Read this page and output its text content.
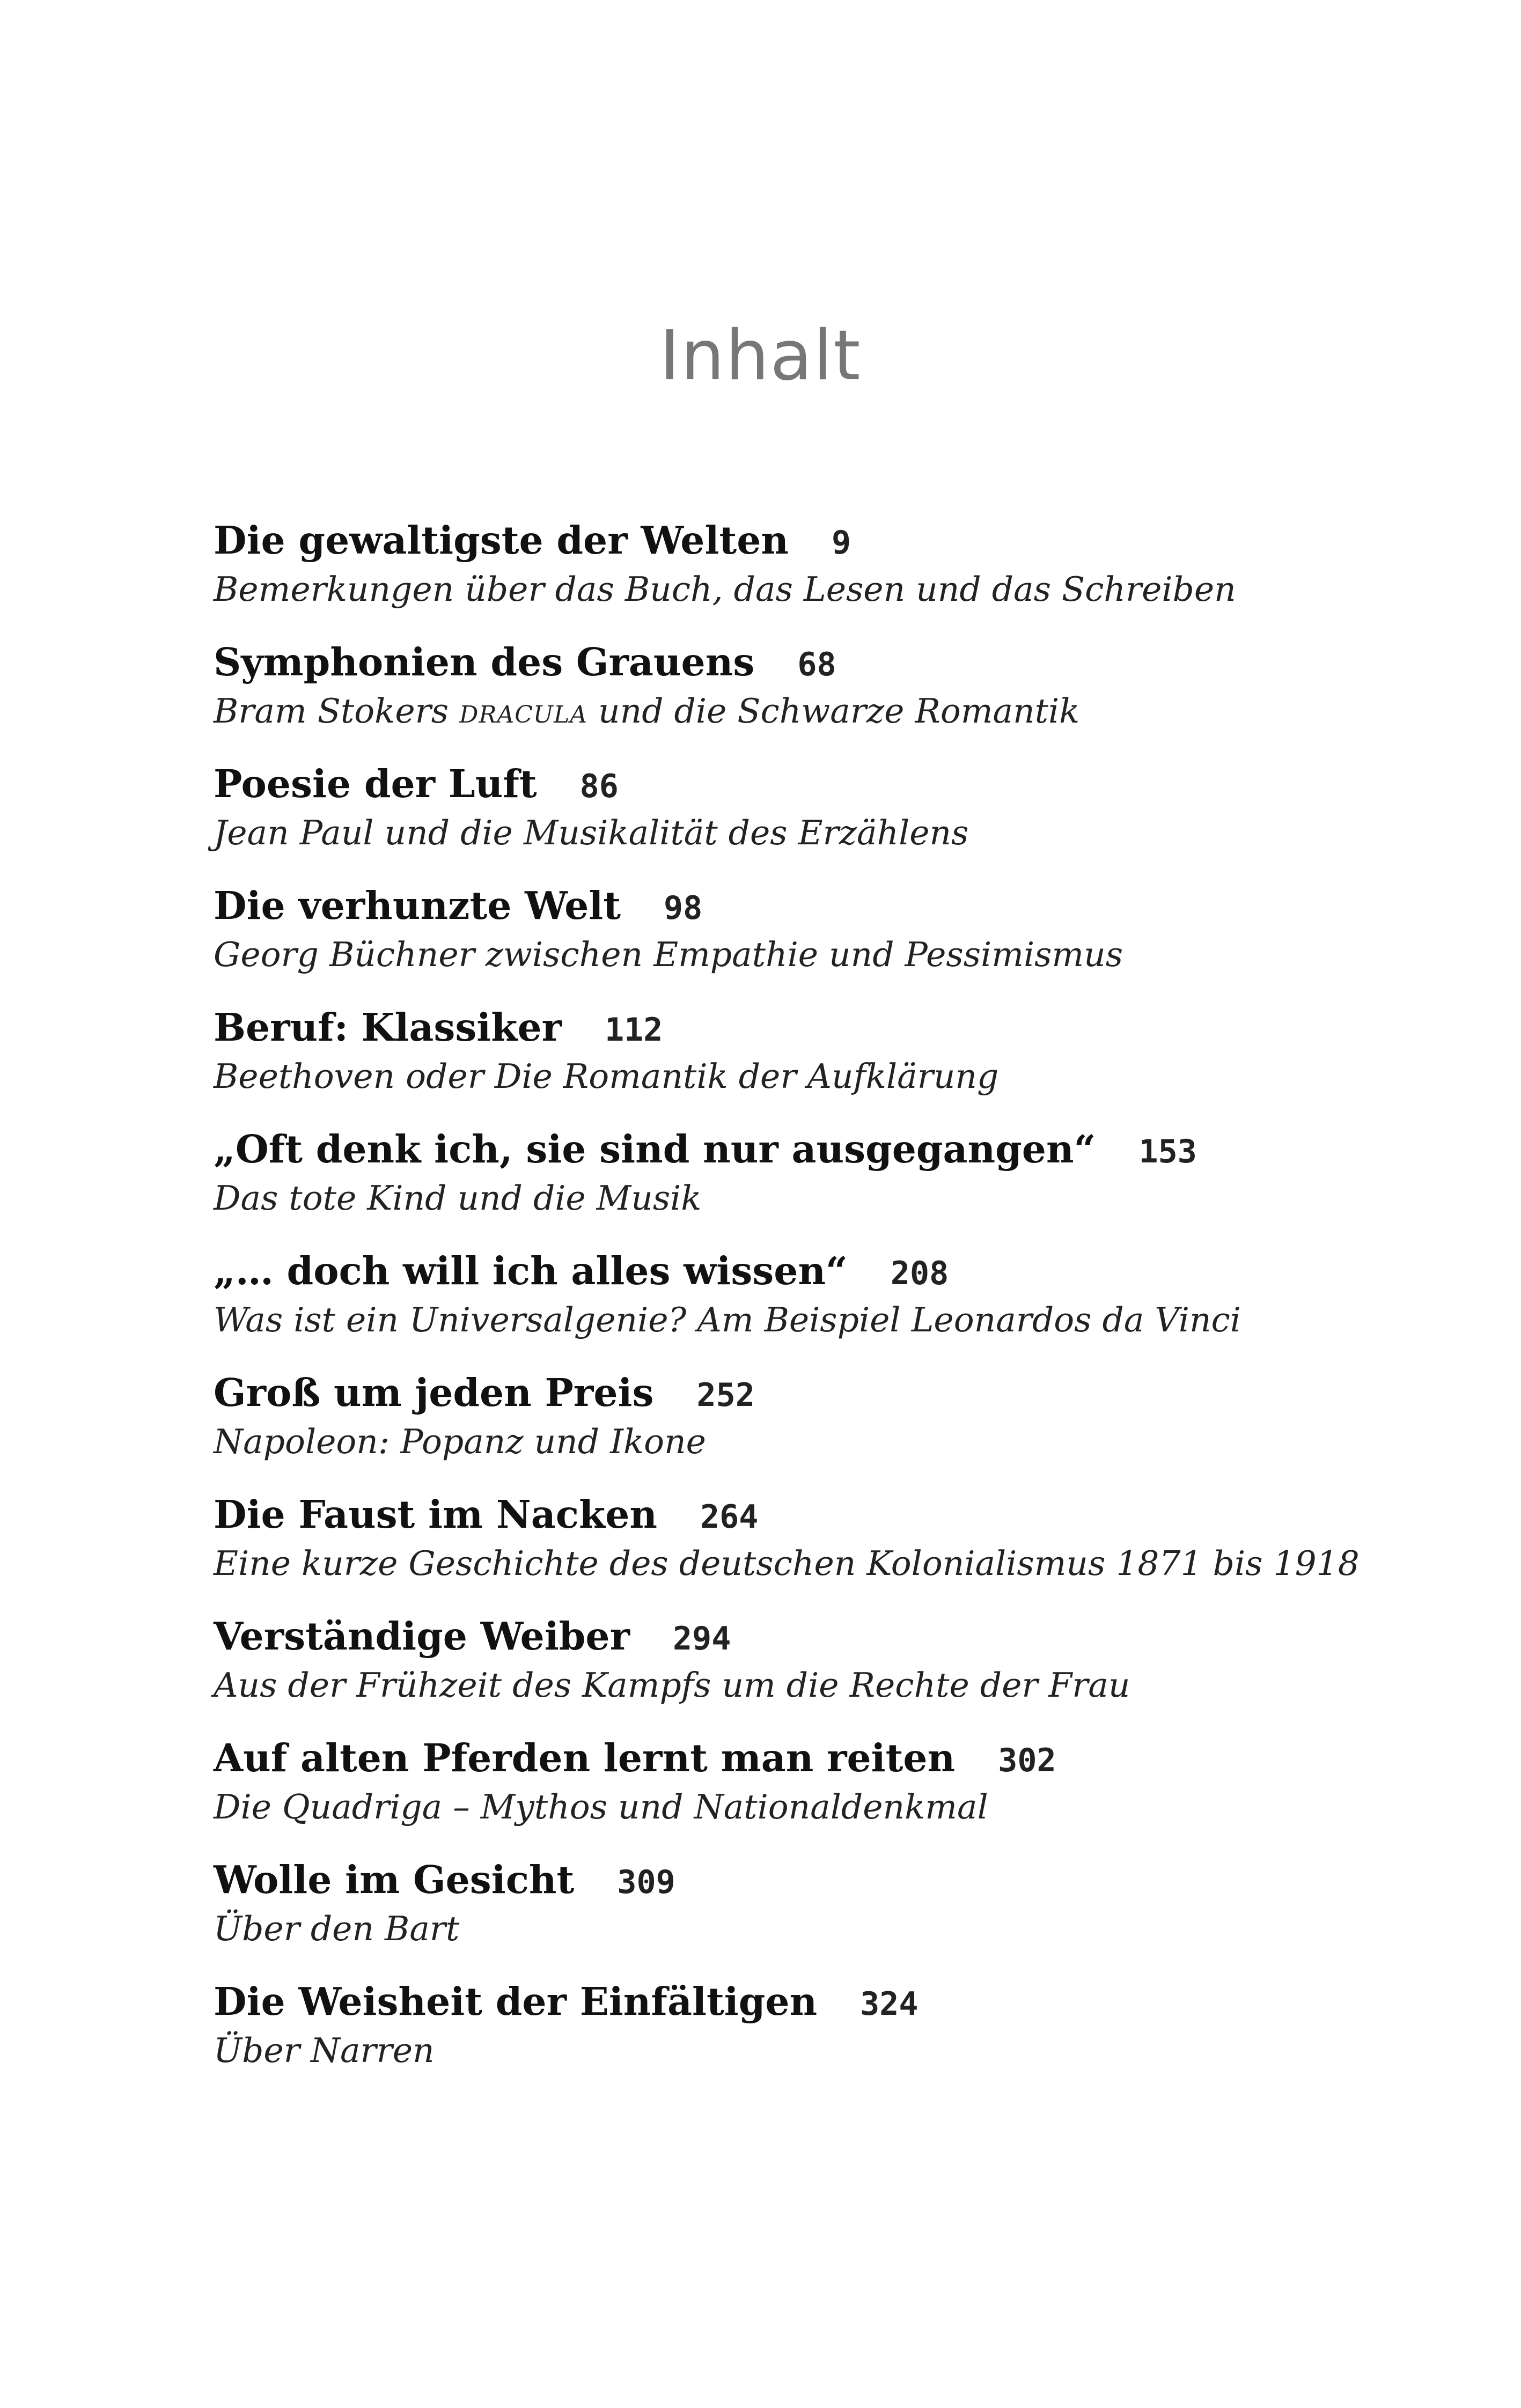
Inhalt
Die gewaltigste der Welten 9
Bemerkungen über das Buch, das Lesen und das Schreiben
Symphonien des Grauens 68
Bram Stokers DRACULA und die Schwarze Romantik
Poesie der Luft 86
Jean Paul und die Musikalität des Erzählens
Die verhunzte Welt 98
Georg Büchner zwischen Empathie und Pessimismus
Beruf: Klassiker 112
Beethoven oder Die Romantik der Aufklärung
„Oft denk ich, sie sind nur ausgegangen“ 153
Das tote Kind und die Musik
„… doch will ich alles wissen“ 208
Was ist ein Universalgenie? Am Beispiel Leonardos da Vinci
Groß um jeden Preis 252
Napoleon: Popanz und Ikone
Die Faust im Nacken 264
Eine kurze Geschichte des deutschen Kolonialismus 1871 bis 1918
Verständige Weiber 294
Aus der Frühzeit des Kampfs um die Rechte der Frau
Auf alten Pferden lernt man reiten 302
Die Quadriga – Mythos und Nationaldenkmal
Wolle im Gesicht 309
Über den Bart
Die Weisheit der Einfältigen 324
Über Narren
